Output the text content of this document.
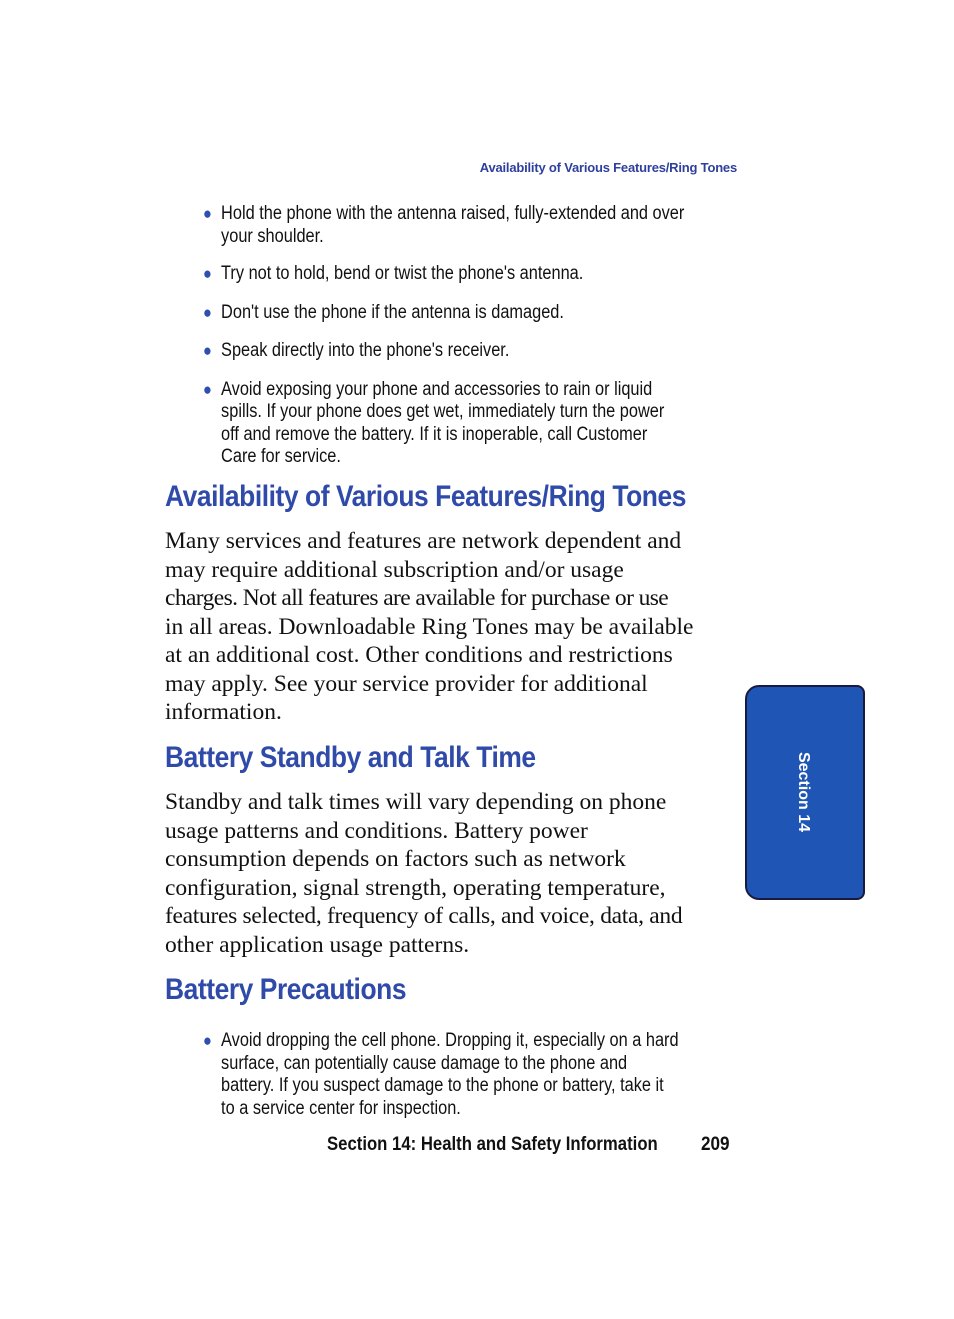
Availability of Various Features/Ring Tones
● Hold the phone with the antenna raised, fully-extended and over
your shoulder.
● Try not to hold, bend or twist the phone's antenna.
● Don't use the phone if the antenna is damaged.
● Speak directly into the phone's receiver.
● Avoid exposing your phone and accessories to rain or liquid
spills. If your phone does get wet, immediately turn the power
off and remove the battery. If it is inoperable, call Customer
Care for service.
Availability of Various Features/Ring Tones

Many services and features are network dependent and
may require additional subscription and/or usage
charges. Not all features are available for purchase or use
in all areas. Downloadable Ring Tones may be available
at an additional cost. Other conditions and restrictions
may apply. See your service provider for additional
information.

Battery Standby and Talk Time

Standby and talk times will vary depending on phone
usage patterns and conditions. Battery power
consumption depends on factors such as network
configuration, signal strength, operating temperature,
features selected, frequency of calls, and voice, data, and
other application usage patterns.

Battery Precautions
● Avoid dropping the cell phone. Dropping it, especially on a hard
surface, can potentially cause damage to the phone and
battery. If you suspect damage to the phone or battery, take it
to a service center for inspection.
Section 14
Section 14: Health and Safety Information 209
